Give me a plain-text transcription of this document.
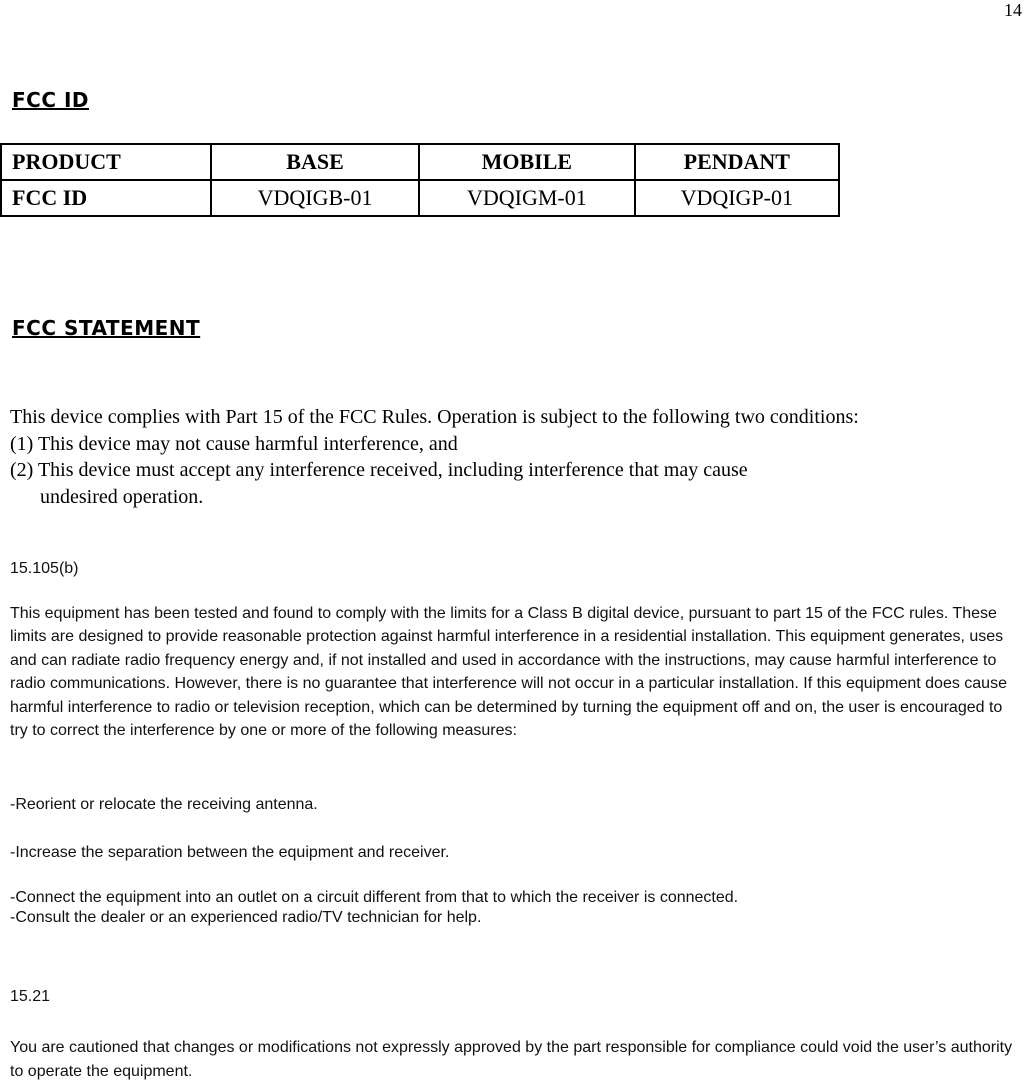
14
FCC ID
PRODUCT	BASE	MOBILE	PENDANT
FCC ID	VDQIGB-01	VDQIGM-01	VDQIGP-01
FCC STATEMENT
This device complies with Part 15 of the FCC Rules. Operation is subject to the following two conditions:
(1) This device may not cause harmful interference, and
(2) This device must accept any interference received, including interference that may cause
undesired operation.
15.105(b)
This equipment has been tested and found to comply with the limits for a Class B digital device, pursuant to part 15 of the FCC rules. These limits are designed to provide reasonable protection against harmful interference in a residential installation. This equipment generates, uses and can radiate radio frequency energy and, if not installed and used in accordance with the instructions, may cause harmful interference to radio communications. However, there is no guarantee that interference will not occur in a particular installation. If this equipment does cause harmful interference to radio or television reception, which can be determined by turning the equipment off and on, the user is encouraged to try to correct the interference by one or more of the following measures:
-Reorient or relocate the receiving antenna.
-Increase the separation between the equipment and receiver.
-Connect the equipment into an outlet on a circuit different from that to which the receiver is connected.
-Consult the dealer or an experienced radio/TV technician for help.
15.21
You are cautioned that changes or modifications not expressly approved by the part responsible for compliance could void the user’s authority to operate the equipment.
